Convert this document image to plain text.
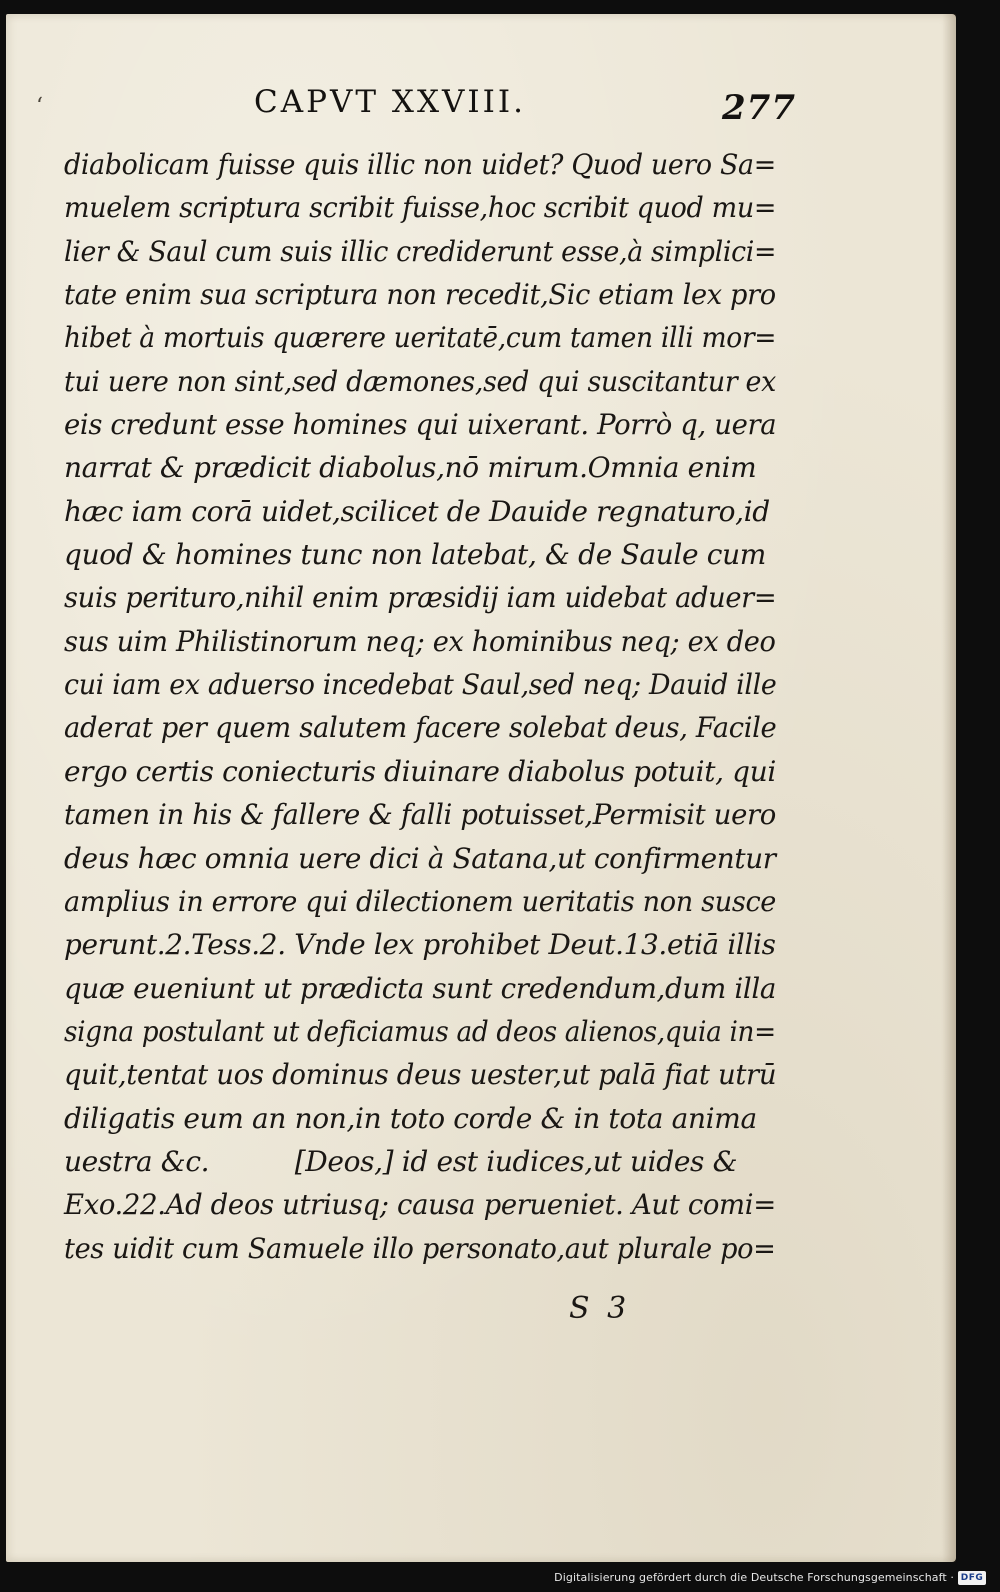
ʻ	CAPVT XXVIII.	277
diabolicam fuisse quis illic non uidet? Quod uero Sa=
muelem scriptura scribit fuisse,hoc scribit quod mu=
lier & Saul cum suis illic crediderunt esse,à simplici=
tate enim sua scriptura non recedit,Sic etiam lex pro
hibet à mortuis quærere ueritatē,cum tamen illi mor=
tui uere non sint,sed dæmones,sed qui suscitantur ex
eis credunt esse homines qui uixerant. Porrò q, uera
narrat & prædicit diabolus,nō mirum.Omnia enim
hæc iam corā uidet,scilicet de Dauide regnaturo,id
quod & homines tunc non latebat, & de Saule cum
suis perituro,nihil enim præsidij iam uidebat aduer=
sus uim Philistinorum neq; ex hominibus neq; ex deo
cui iam ex aduerso incedebat Saul,sed neq; Dauid ille
aderat per quem salutem facere solebat deus, Facile
ergo certis coniecturis diuinare diabolus potuit, qui
tamen in his & fallere & falli potuisset,Permisit uero
deus hæc omnia uere dici à Satana,ut confirmentur
amplius in errore qui dilectionem ueritatis non susce
perunt.2.Tess.2. Vnde lex prohibet Deut.13.etiā illis
quæ eueniunt ut prædicta sunt credendum,dum illa
signa postulant ut deficiamus ad deos alienos,quia in=
quit,tentat uos dominus deus uester,ut palā fiat utrū
diligatis eum an non,in toto corde & in tota anima
uestra &c.          [Deos,] id est iudices,ut uides &
Exo.22.Ad deos utriusq; causa perueniet. Aut comi=
tes uidit cum Samuele illo personato,aut plurale po=
S 3
Digitalisierung gefördert durch die Deutsche Forschungsgemeinschaft · DFG
